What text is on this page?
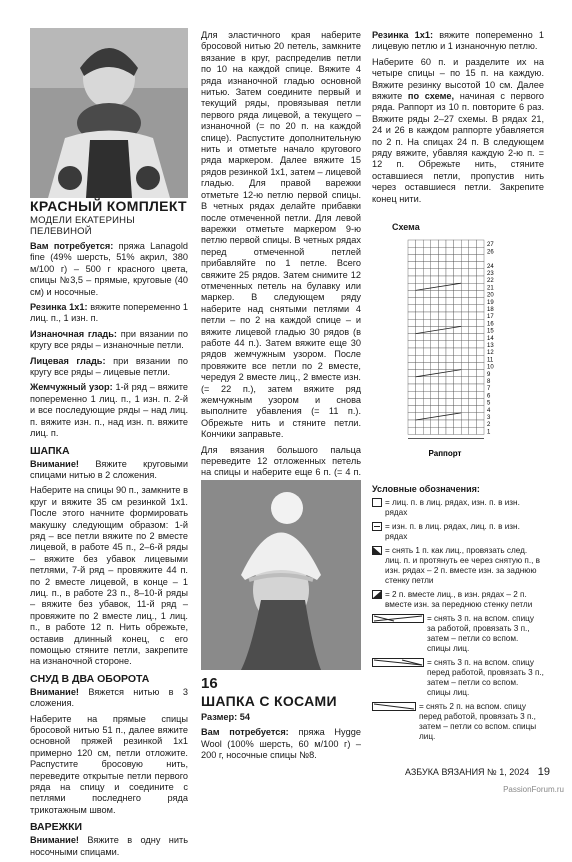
КРАСНЫЙ КОМПЛЕКТ

МОДЕЛИ ЕКАТЕРИНЫ ПЕЛЕВИНОЙ

Вам потребуется: пряжа Lanagold fine (49% шерсть, 51% акрил, 380 м/100 г) – 500 г красного цвета, спицы №3,5 – прямые, круговые (40 см) и носочные.

Резинка 1x1: вяжите попеременно 1 лиц. п., 1 изн. п.

Изнаночная гладь: при вязании по кругу все ряды – изнаночные петли.

Лицевая гладь: при вязании по кругу все ряды – лицевые петли.

Жемчужный узор: 1-й ряд – вяжите попеременно 1 лиц. п., 1 изн. п. 2-й и все последующие ряды – над лиц. п. вяжите изн. п., над изн. п. вяжите лиц. п.

ШАПКА

Внимание! Вяжите круговыми спицами нитью в 2 сложения.

Наберите на спицы 90 п., замкните в круг и вяжите 35 см резинкой 1x1. После этого начните формировать макушку следующим образом: 1-й ряд – все петли вяжите по 2 вместе лицевой, в работе 45 п., 2–6-й ряды – вяжите без убавок лицевыми петлями, 7-й ряд – провяжите 44 п. по 2 вместе лицевой, в конце – 1 лиц. п., в работе 23 п., 8–10-й ряды – вяжите без убавок, 11-й ряд – провяжите по 2 вместе лиц., 1 лиц. п., в работе 12 п. Нить обрежьте, оставив длинный конец, с его помощью стяните петли, закрепите на изнаночной стороне.

СНУД В ДВА ОБОРОТА

Внимание! Вяжется нитью в 3 сложения.

Наберите на прямые спицы бросовой нитью 51 п., далее вяжите основной пряжей резинкой 1x1 примерно 120 см, петли отложите. Распустите бросовую нить, переведите открытые петли первого ряда на спицу и соедините с петлями последнего ряда трикотажным швом.

ВАРЕЖКИ

Внимание! Вяжите в одну нить носочными спицами.

Для эластичного края наберите бросовой нитью 20 петель, замкните вязание в круг, распределив петли по 10 на каждой спице. Вяжите 4 ряда изнаночной гладью основной нитью. Затем соедините первый и текущий ряды, провязывая петли первого ряда лицевой, а текущего – изнаночной (= по 20 п. на каждой спице). Распустите дополнительную нить и отметьте начало кругового ряда маркером. Далее вяжите 15 рядов резинкой 1x1, затем – лицевой гладью. Для правой варежки отметьте 12-ю петлю первой спицы. В четных рядах делайте прибавки после отмеченной петли. Для левой варежки отметьте маркером 9-ю петлю первой спицы. В четных рядах перед отмеченной петлей прибавляйте по 1 петле. Всего свяжите 25 рядов. Затем снимите 12 отмеченных петель на булавку или маркер. В следующем ряду наберите над снятыми петлями 4 петли – по 2 на каждой спице – и вяжите лицевой гладью 30 рядов (в работе 44 п.). Затем вяжите еще 30 рядов жемчужным узором. После провяжите все петли по 2 вместе, чередуя 2 вместе лиц., 2 вместе изн. (= 22 п.), затем вяжите ряд жемчужным узором и снова выполните убавления (= 11 п.). Обрежьте нить и стяните петли. Кончики заправьте.

Для вязания большого пальца переведите 12 отложенных петель на спицы и наберите еще 6 п. (= 4 п.

16

ШАПКА С КОСАМИ

Размер: 54

Вам потребуется: пряжа Hygge Wool (100% шерсть, 60 м/100 г) – 200 г, носочные спицы №8.

Резинка 1x1: вяжите попеременно 1 лицевую петлю и 1 изнаночную петлю.

Наберите 60 п. и разделите их на четыре спицы – по 15 п. на каждую. Вяжите резинку высотой 10 см. Далее вяжите по схеме, начиная с первого ряда. Раппорт из 10 п. повторите 6 раз. Вяжите ряды 2–27 схемы. В рядах 21, 24 и 26 в каждом раппорте убавляется по 2 п. На спицах 24 п. В следующем ряду вяжите, убавляя каждую 2-ю п. = 12 п. Обрежьте нить, стяните оставшиеся петли, пропустив нить через оставшиеся петли. Закрепите конец нити.

Схема
27
26
24
23
22
21
20
19
18
17
16
15
14
13
12
11
10
9
8
7
6
5
4
3
2
1
Раппорт

Условные обозначения:

= лиц. п. в лиц. рядах, изн. п. в изн. рядах
= изн. п. в лиц. рядах, лиц. п. в изн. рядах
= снять 1 п. как лиц., провязать след. лиц. п. и протянуть ее через снятую п., в изн. рядах – 2 п. вместе изн. за заднюю стенку петли
= 2 п. вместе лиц., в изн. рядах – 2 п. вместе изн. за переднюю стенку петли
= снять 3 п. на вспом. спицу за работой, провязать 3 п., затем – петли со вспом. спицы лиц.
= снять 3 п. на вспом. спицу перед работой, провязать 3 п., затем – петли со вспом. спицы лиц.
= снять 2 п. на вспом. спицу перед работой, провязать 3 п., затем – петли со вспом. спицы лиц.
АЗБУКА ВЯЗАНИЯ № 1, 2024 19
PassionForum.ru
